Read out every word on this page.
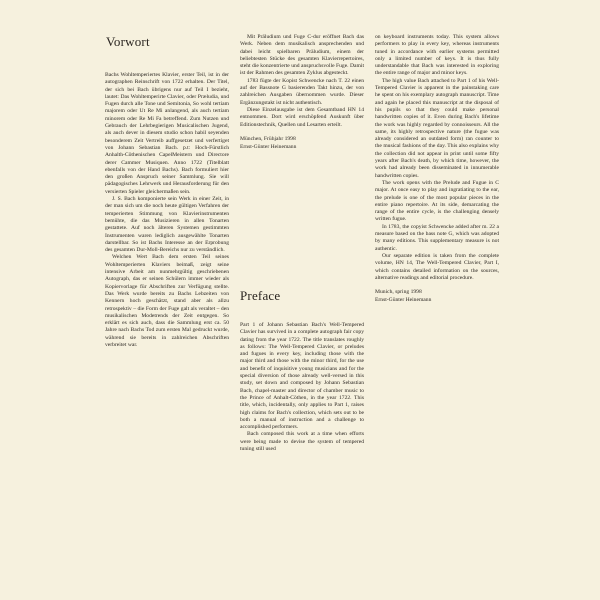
Vorwort

Bachs Wohltemperiertes Klavier, erster Teil, ist in der autographen Reinschrift von 1722 erhalten. Der Titel, der sich bei Bach übrigens nur auf Teil I bezieht, lautet: Das Wohltemperirte Clavier, oder Præludia, und Fugen durch alle Tone und Semitonia, So wohl tertiam majorem oder Ut Re Mi anlangend, als auch tertiam minorem oder Re Mi Fa betreffend. Zum Nutzen und Gebrauch der Lehrbegierigen Musicalischen Jugend, als auch dever in diesem studio schon habil seyenden besonderem Zeit Vertreib auffgesetzet und verfertiget von Johann Sebastian Bach. p.t: Hoch-Fürstlich Anhalth-Cöthenischen CapelMeistern und Directore derer Cammer Musiquen. Anno 1722 (Titelblatt ebenfalls von der Hand Bachs). Bach formuliert hier den großen Anspruch seiner Sammlung. Sie will pädagogisches Lehrwerk und Herausforderung für den versierten Spieler gleichermaßen sein.

J. S. Bach komponierte sein Werk in einer Zeit, in der man sich um die noch heute gültigen Verfahren der temperierten Stimmung von Klavierinstrumenten bemühte, die das Musizieren in allen Tonarten gestattete. Auf noch älteren Systemen gestimmten Instrumenten waren lediglich ausgewählte Tonarten darstellbar. So ist Bachs Interesse an der Erprobung des gesamten Dur-Moll-Bereichs nur zu verständlich.

Welchen Wert Bach dem ersten Teil seines Wohltemperierten Klaviers beimaß, zeigt seine intensive Arbeit am nunmehrgültig geschriebenen Autograph, das er seinen Schülern immer wieder als Kopiervorlage für Abschriften zur Verfügung stellte. Das Werk wurde bereits zu Bachs Lebzeiten von Kennern hoch geschätzt, stand aber als allzu retrospektiv – die Form der Fuge galt als veraltet – den musikalischen Modetrends der Zeit entgegen. So erklärt es sich auch, dass die Sammlung erst ca. 50 Jahre nach Bachs Tod zum ersten Mal gedruckt wurde, während sie bereits in zahlreichen Abschriften verbreitet war.

Mit Präludium und Fuge C-dur eröffnet Bach das Werk. Neben dem musikalisch ansprechenden und dabei leicht spielbaren Präludium, einem der beliebtesten Stücke des gesamten Klavierrepertoires, steht die konzentrierte und anspruchsvolle Fuge. Damit ist der Rahmen des gesamten Zyklus abgesteckt.

1783 fügte der Kopist Schwencke nach T. 22 einen auf der Bassnote G basierenden Takt hinzu, der von zahlreichen Ausgaben übernommen wurde. Dieser Ergänzungstakt ist nicht authentisch.

Diese Einzelausgabe ist dem Gesamtband HN 14 entnommen. Dort wird erschöpfend Auskunft über Editionstechnik, Quellen und Lesarten erteilt.

München, Frühjahr 1998

Ernst-Günter Heinemann

Preface

Part 1 of Johann Sebastian Bach's Well-Tempered Clavier has survived in a complete autograph fair copy dating from the year 1722. The title translates roughly as follows: The Well-Tempered Clavier, or preludes and fugues in every key, including those with the major third and those with the minor third, for the use and benefit of inquisitive young musicians and for the special diversion of those already well-versed in this study, set down and composed by Johann Sebastian Bach, chapel-master and director of chamber music to the Prince of Anhalt-Cöthen, in the year 1722. This title, which, incidentally, only applies to Part 1, raises high claims for Bach's collection, which sets out to be both a manual of instruction and a challenge to accomplished performers.

Bach composed this work at a time when efforts were being made to devise the system of tempered tuning still used

on keyboard instruments today. This system allows performers to play in every key, whereas instruments tuned in accordance with earlier systems permitted only a limited number of keys. It is thus fully understandable that Bach was interested in exploring the entire range of major and minor keys.

The high value Bach attached to Part 1 of his Well-Tempered Clavier is apparent in the painstaking care he spent on his exemplary autograph manuscript. Time and again he placed this manuscript at the disposal of his pupils so that they could make personal handwritten copies of it. Even during Bach's lifetime the work was highly regarded by connoisseurs. All the same, its highly retrospective nature (the fugue was already considered an outdated form) ran counter to the musical fashions of the day. This also explains why the collection did not appear in print until some fifty years after Bach's death, by which time, however, the work had already been disseminated in innumerable handwritten copies.

The work opens with the Prelude and Fugue in C major. At once easy to play and ingratiating to the ear, the prelude is one of the most popular pieces in the entire piano repertoire. At its side, demarcating the range of the entire cycle, is the challenging densely written fugue.

In 1783, the copyist Schwencke added after m. 22 a measure based on the bass note G, which was adopted by many editions. This supplementary measure is not authentic.

Our separate edition is taken from the complete volume, HN 14, The Well-Tempered Clavier, Part I, which contains detailed information on the sources, alternative readings and editorial procedure.

Munich, spring 1998

Ernst-Günter Heinemann
